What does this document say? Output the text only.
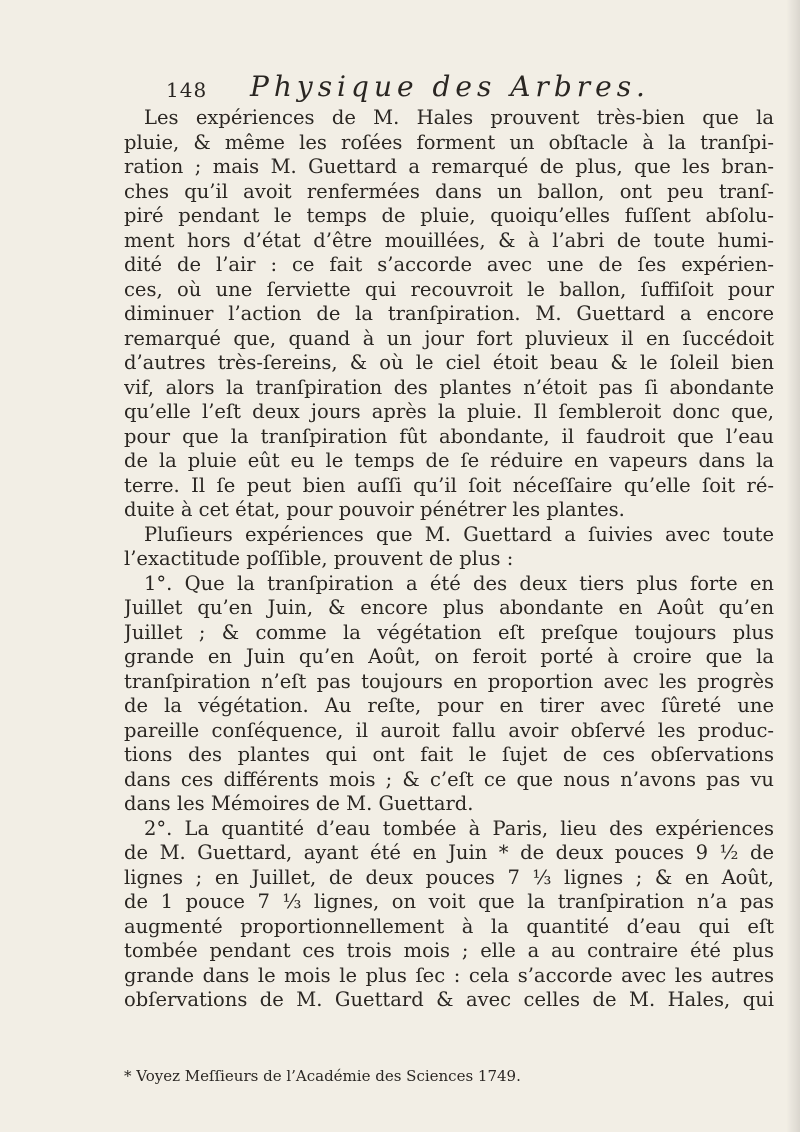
148 Physique des Arbres.
Les expériences de M. Hales prouvent très-bien que la
pluie, & même les roſées forment un obſtacle à la tranſpi-
ration ; mais M. Guettard a remarqué de plus, que les bran-
ches qu’il avoit renfermées dans un ballon, ont peu tranſ-
piré pendant le temps de pluie, quoiqu’elles fuſſent abſolu-
ment hors d’état d’être mouillées, & à l’abri de toute humi-
dité de l’air : ce fait s’accorde avec une de ſes expérien-
ces, où une ſerviette qui recouvroit le ballon, ſuffiſoit pour
diminuer l’action de la tranſpiration. M. Guettard a encore
remarqué que, quand à un jour fort pluvieux il en ſuccédoit
d’autres très-ſereins, & où le ciel étoit beau & le ſoleil bien
vif, alors la tranſpiration des plantes n’étoit pas ſi abondante
qu’elle l’eſt deux jours après la pluie. Il ſembleroit donc que,
pour que la tranſpiration fût abondante, il faudroit que l’eau
de la pluie eût eu le temps de ſe réduire en vapeurs dans la
terre. Il ſe peut bien auſſi qu’il ſoit néceſſaire qu’elle ſoit ré-
duite à cet état, pour pouvoir pénétrer les plantes.
Pluſieurs expériences que M. Guettard a ſuivies avec toute
l’exactitude poſſible, prouvent de plus :
1°. Que la tranſpiration a été des deux tiers plus forte en
Juillet qu’en Juin, & encore plus abondante en Août qu’en
Juillet ; & comme la végétation eſt preſque toujours plus
grande en Juin qu’en Août, on feroit porté à croire que la
tranſpiration n’eſt pas toujours en proportion avec les progrès
de la végétation. Au reſte, pour en tirer avec ſûreté une
pareille conſéquence, il auroit fallu avoir obſervé les produc-
tions des plantes qui ont fait le ſujet de ces obſervations
dans ces différents mois ; & c’eſt ce que nous n’avons pas vu
dans les Mémoires de M. Guettard.
2°. La quantité d’eau tombée à Paris, lieu des expériences
de M. Guettard, ayant été en Juin * de deux pouces 9 ½ de
lignes ; en Juillet, de deux pouces 7 ⅓ lignes ; & en Août,
de 1 pouce 7 ⅓ lignes, on voit que la tranſpiration n’a pas
augmenté proportionnellement à la quantité d’eau qui eſt
tombée pendant ces trois mois ; elle a au contraire été plus
grande dans le mois le plus ſec : cela s’accorde avec les autres
obſervations de M. Guettard & avec celles de M. Hales, qui
* Voyez Meſſieurs de l’Académie des Sciences 1749.
